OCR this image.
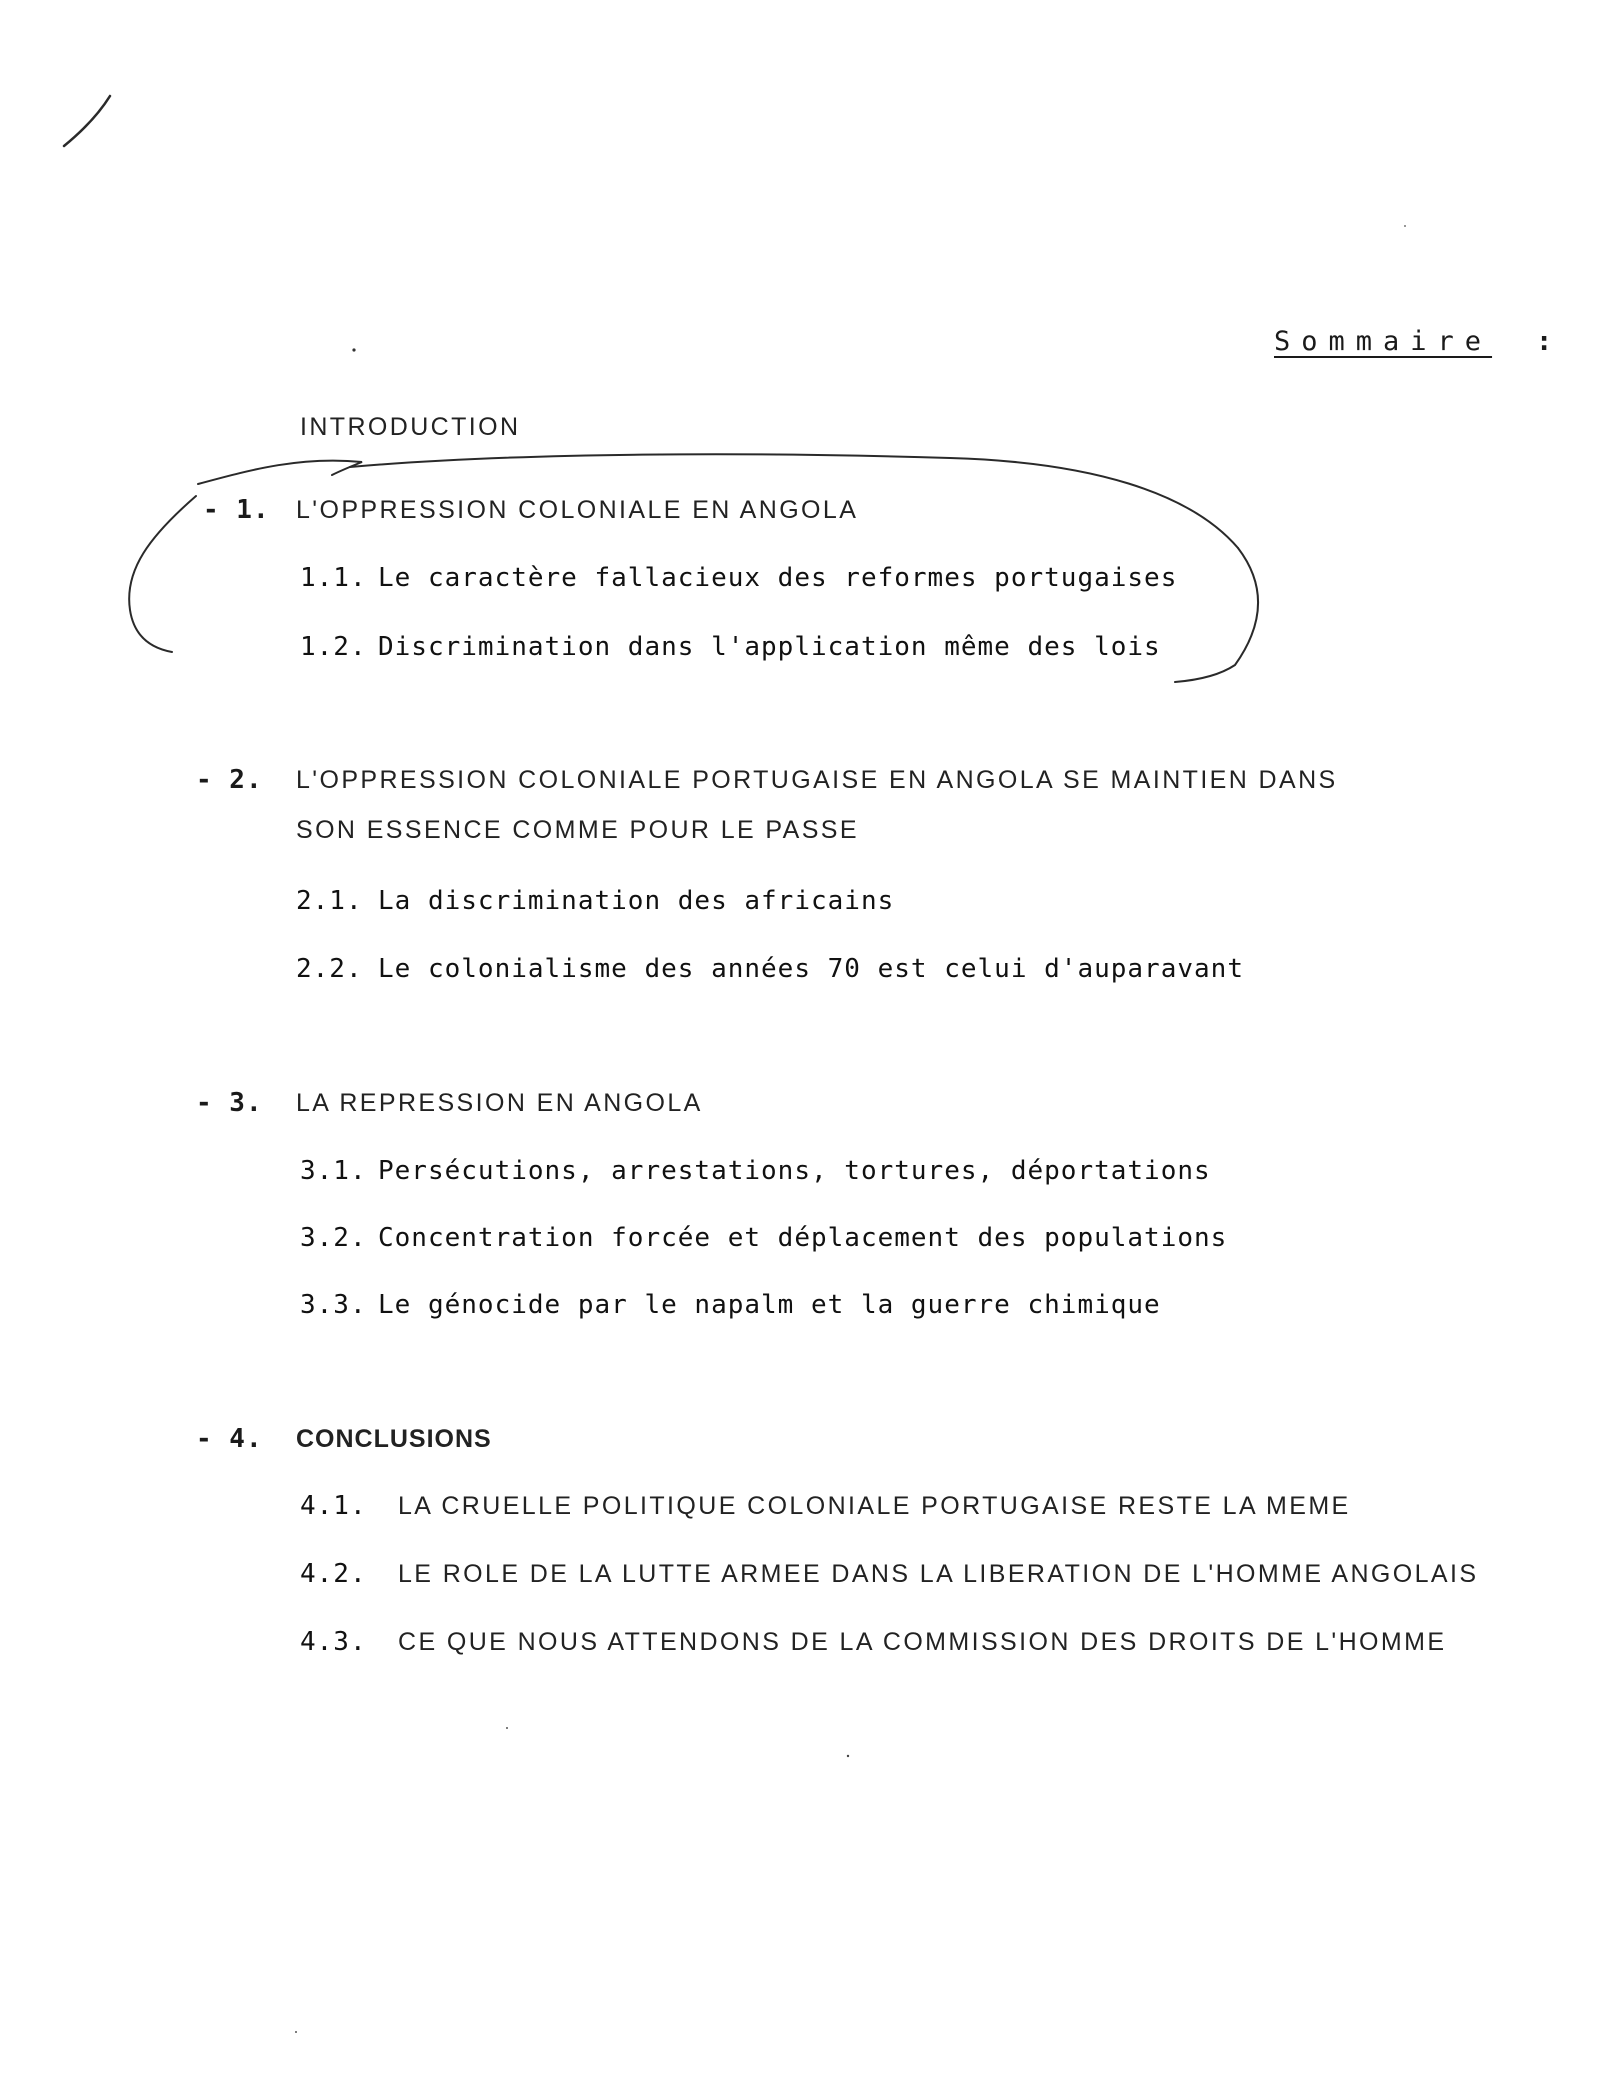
Sommaire :
INTRODUCTION
- 1. L'OPPRESSION COLONIALE EN ANGOLA
1.1. Le caractère fallacieux des reformes portugaises
1.2. Discrimination dans l'application même des lois
- 2. L'OPPRESSION COLONIALE PORTUGAISE EN ANGOLA SE MAINTIEN DANS
SON ESSENCE COMME POUR LE PASSE
2.1. La discrimination des africains
2.2. Le colonialisme des années 70 est celui d'auparavant
- 3. LA REPRESSION EN ANGOLA
3.1. Persécutions, arrestations, tortures, déportations
3.2. Concentration forcée et déplacement des populations
3.3. Le génocide par le napalm et la guerre chimique
- 4. CONCLUSIONS
4.1. LA CRUELLE POLITIQUE COLONIALE PORTUGAISE RESTE LA MEME
4.2. LE ROLE DE LA LUTTE ARMEE DANS LA LIBERATION DE L'HOMME ANGOLAIS
4.3. CE QUE NOUS ATTENDONS DE LA COMMISSION DES DROITS DE L'HOMME
